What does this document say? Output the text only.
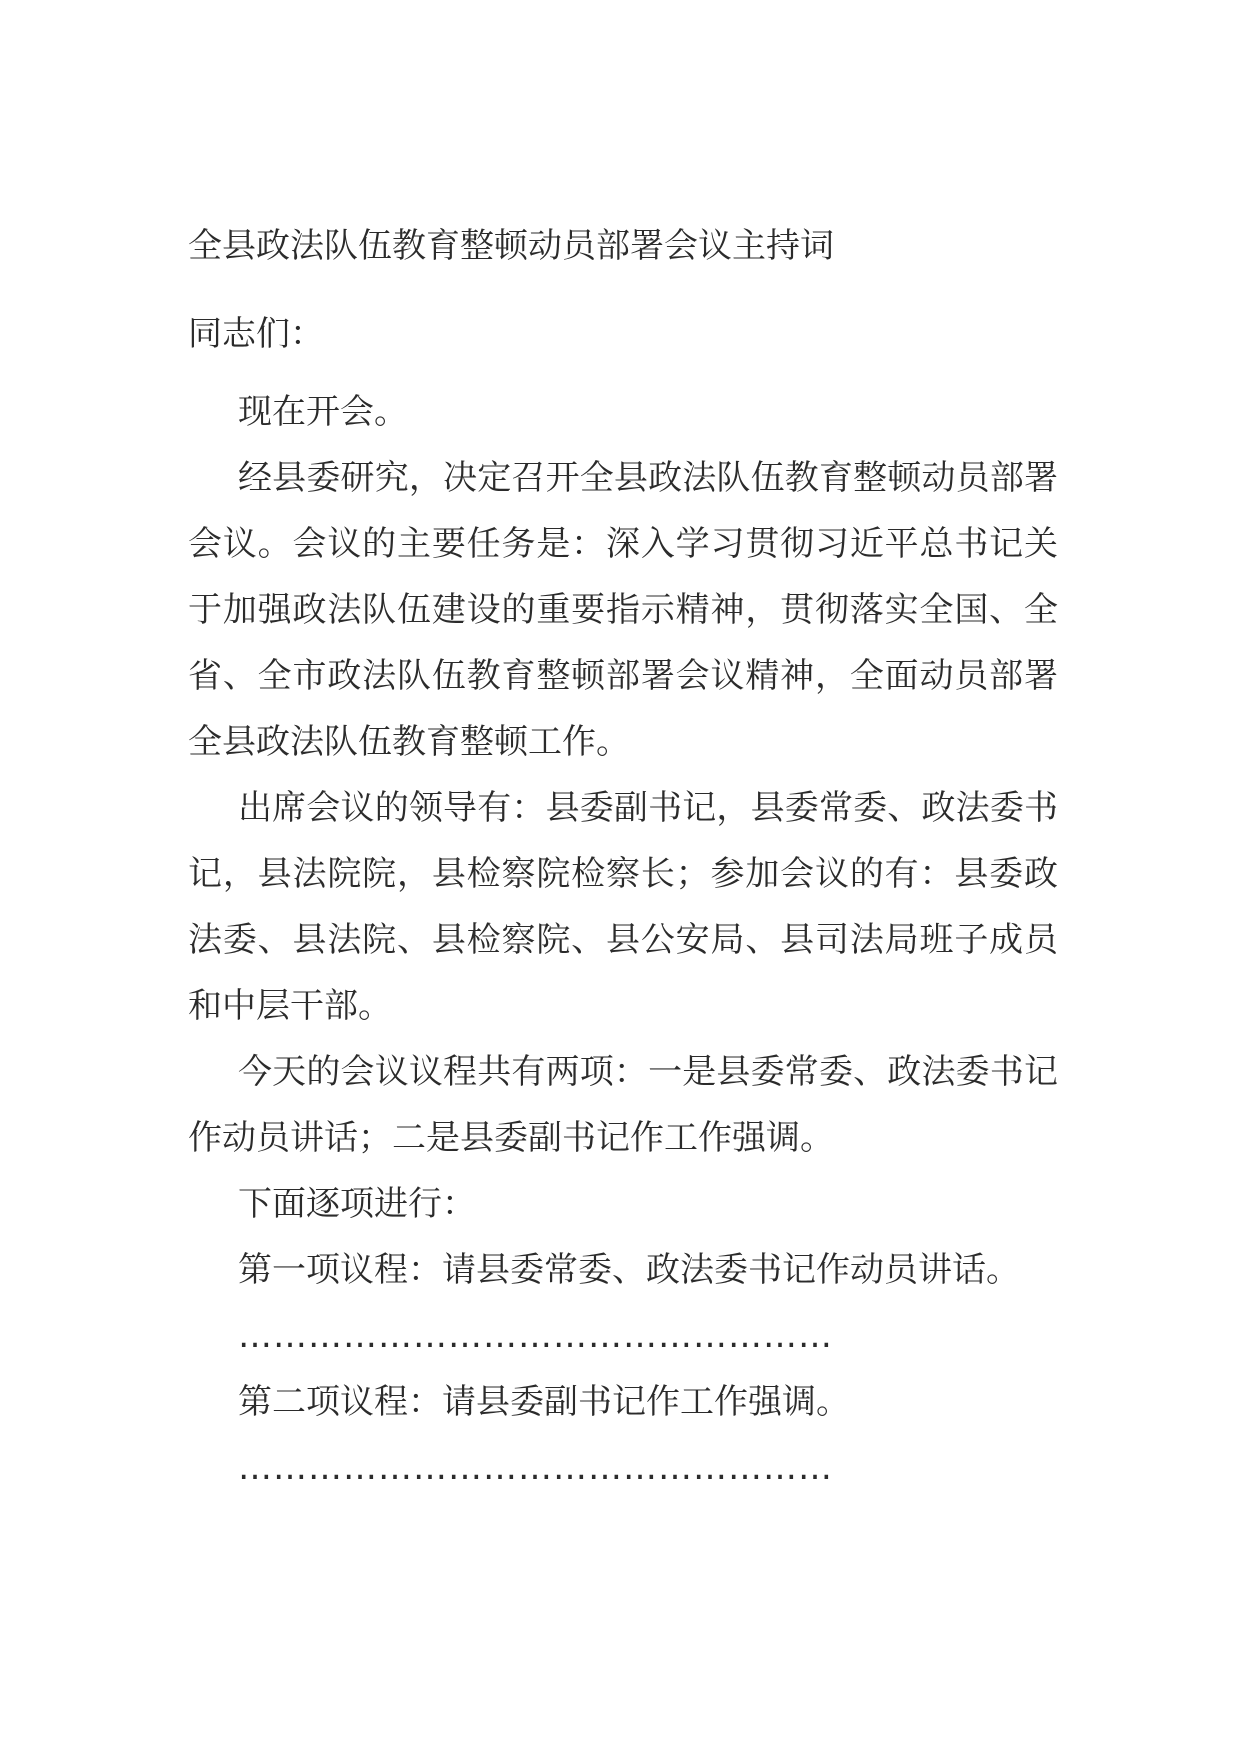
全县政法队伍教育整顿动员部署会议主持词

同志们：

现在开会。

经县委研究，决定召开全县政法队伍教育整顿动员部署会议。会议的主要任务是：深入学习贯彻习近平总书记关于加强政法队伍建设的重要指示精神，贯彻落实全国、全省、全市政法队伍教育整顿部署会议精神，全面动员部署全县政法队伍教育整顿工作。

出席会议的领导有：县委副书记，县委常委、政法委书记，县法院院，县检察院检察长；参加会议的有：县委政法委、县法院、县检察院、县公安局、县司法局班子成员和中层干部。

今天的会议议程共有两项：一是县委常委、政法委书记作动员讲话；二是县委副书记作工作强调。

下面逐项进行：

第一项议程：请县委常委、政法委书记作动员讲话。

……………………………………………

第二项议程：请县委副书记作工作强调。

……………………………………………
